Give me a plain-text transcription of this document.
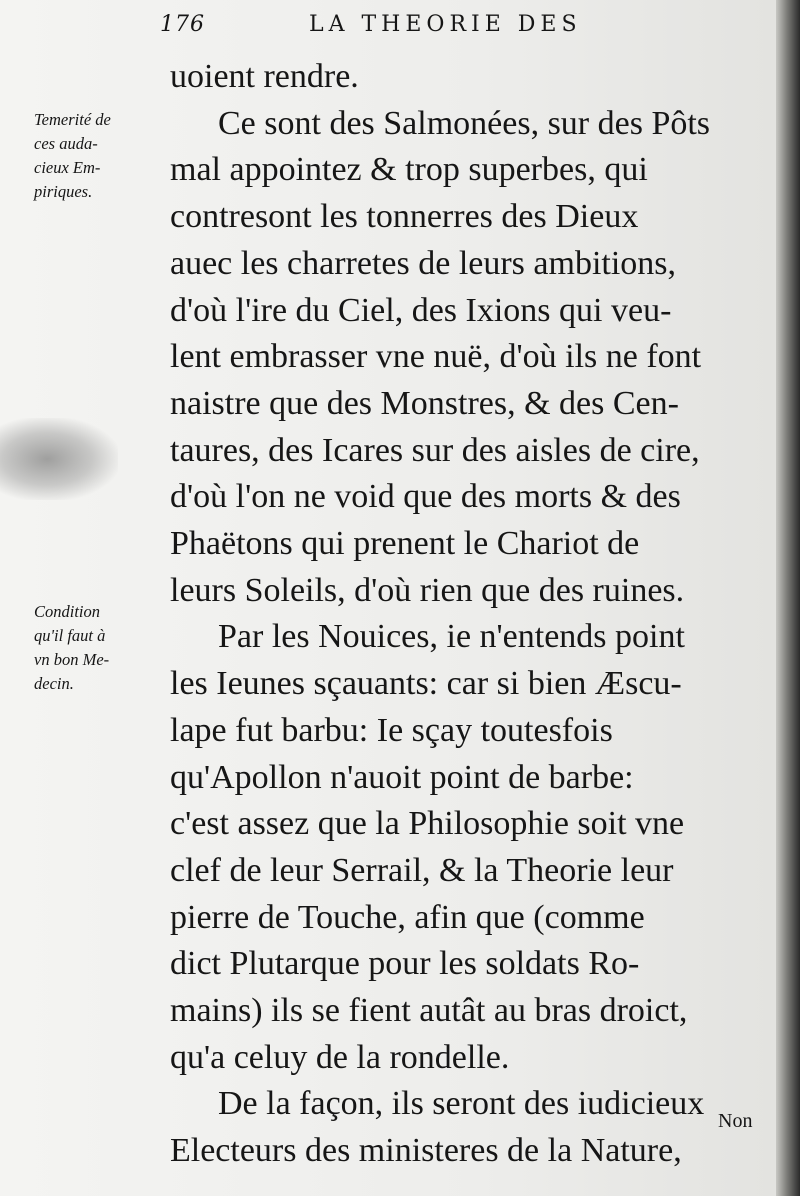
176	LA THEORIE DES
Temerité de
ces auda-
cieux Em-
piriques.
Condition
qu'il faut à
vn bon Me-
decin.
uoient rendre.
Ce sont des Salmonées, sur des Pôts
mal appointez & trop superbes, qui
contresont les tonnerres des Dieux
auec les charretes de leurs ambitions,
d'où l'ire du Ciel, des Ixions qui veu-
lent embrasser vne nuë, d'où ils ne font
naistre que des Monstres, & des Cen-
taures, des Icares sur des aisles de cire,
d'où l'on ne void que des morts & des
Phaëtons qui prenent le Chariot de
leurs Soleils, d'où rien que des ruines.
Par les Nouices, ie n'entends point
les Ieunes sçauants: car si bien Æscu-
lape fut barbu: Ie sçay toutesfois
qu'Apollon n'auoit point de barbe:
c'est assez que la Philosophie soit vne
clef de leur Serrail, & la Theorie leur
pierre de Touche, afin que (comme
dict Plutarque pour les soldats Ro-
mains) ils se fient autât au bras droict,
qu'a celuy de la rondelle.
De la façon, ils seront des iudicieux
Electeurs des ministeres de la Nature,
Non
